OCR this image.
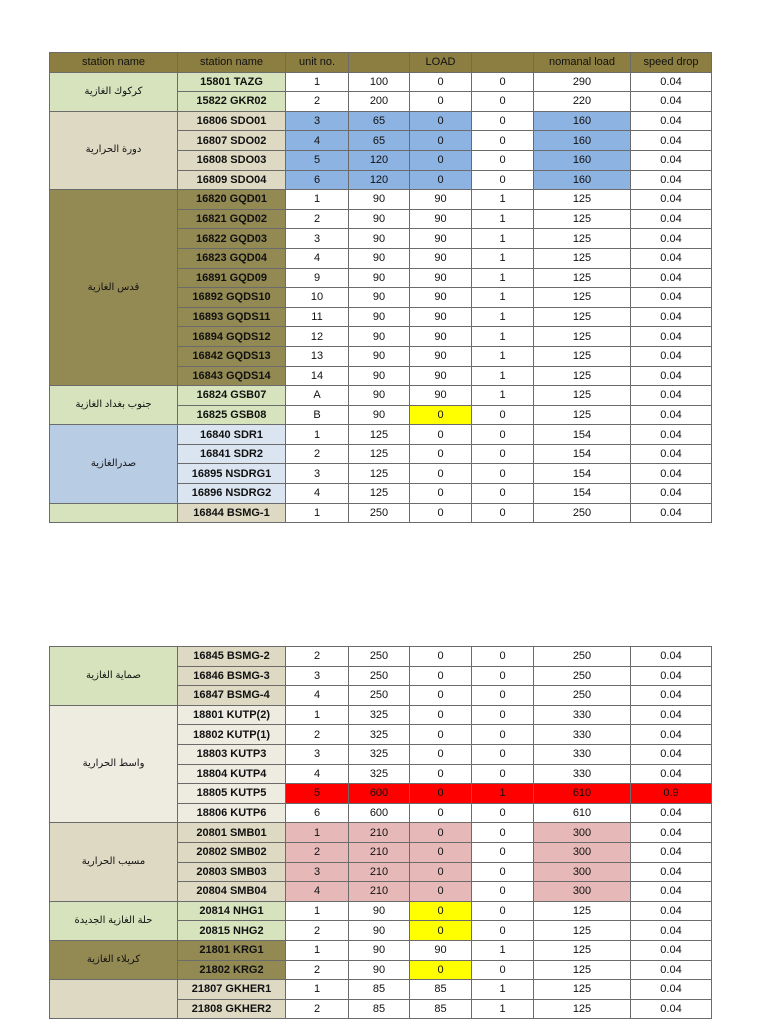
station name	station name	unit no.		LOAD		nomanal load	speed drop
كركوك الغازية	15801 TAZG	1	100	0	0	290	0.04
	15822 GKR02	2	200	0	0	220	0.04
دورة الحرارية	16806 SDO01	3	65	0	0	160	0.04
	16807 SDO02	4	65	0	0	160	0.04
	16808 SDO03	5	120	0	0	160	0.04
	16809 SDO04	6	120	0	0	160	0.04
قدس الغازية	16820 GQD01	1	90	90	1	125	0.04
	16821 GQD02	2	90	90	1	125	0.04
	16822 GQD03	3	90	90	1	125	0.04
	16823 GQD04	4	90	90	1	125	0.04
	16891 GQD09	9	90	90	1	125	0.04
	16892 GQDS10	10	90	90	1	125	0.04
	16893 GQDS11	11	90	90	1	125	0.04
	16894 GQDS12	12	90	90	1	125	0.04
	16842 GQDS13	13	90	90	1	125	0.04
	16843 GQDS14	14	90	90	1	125	0.04
جنوب بغداد الغازية	16824 GSB07	A	90	90	1	125	0.04
	16825 GSB08	B	90	0	0	125	0.04
صدرالغازية	16840 SDR1	1	125	0	0	154	0.04
	16841 SDR2	2	125	0	0	154	0.04
	16895 NSDRG1	3	125	0	0	154	0.04
	16896 NSDRG2	4	125	0	0	154	0.04
	16844 BSMG-1	1	250	0	0	250	0.04
صماية الغازية	16845 BSMG-2	2	250	0	0	250	0.04
	16846 BSMG-3	3	250	0	0	250	0.04
	16847 BSMG-4	4	250	0	0	250	0.04
واسط الحرارية	18801 KUTP(2)	1	325	0	0	330	0.04
	18802 KUTP(1)	2	325	0	0	330	0.04
	18803 KUTP3	3	325	0	0	330	0.04
	18804 KUTP4	4	325	0	0	330	0.04
	18805 KUTP5	5	600	0	1	610	0.9
	18806 KUTP6	6	600	0	0	610	0.04
مسيب الحرارية	20801 SMB01	1	210	0	0	300	0.04
	20802 SMB02	2	210	0	0	300	0.04
	20803 SMB03	3	210	0	0	300	0.04
	20804 SMB04	4	210	0	0	300	0.04
حلة الغازية الجديدة	20814 NHG1	1	90	0	0	125	0.04
	20815 NHG2	2	90	0	0	125	0.04
كربلاء الغازية	21801 KRG1	1	90	90	1	125	0.04
	21802 KRG2	2	90	0	0	125	0.04
	21807 GKHER1	1	85	85	1	125	0.04
	21808 GKHER2	2	85	85	1	125	0.04
